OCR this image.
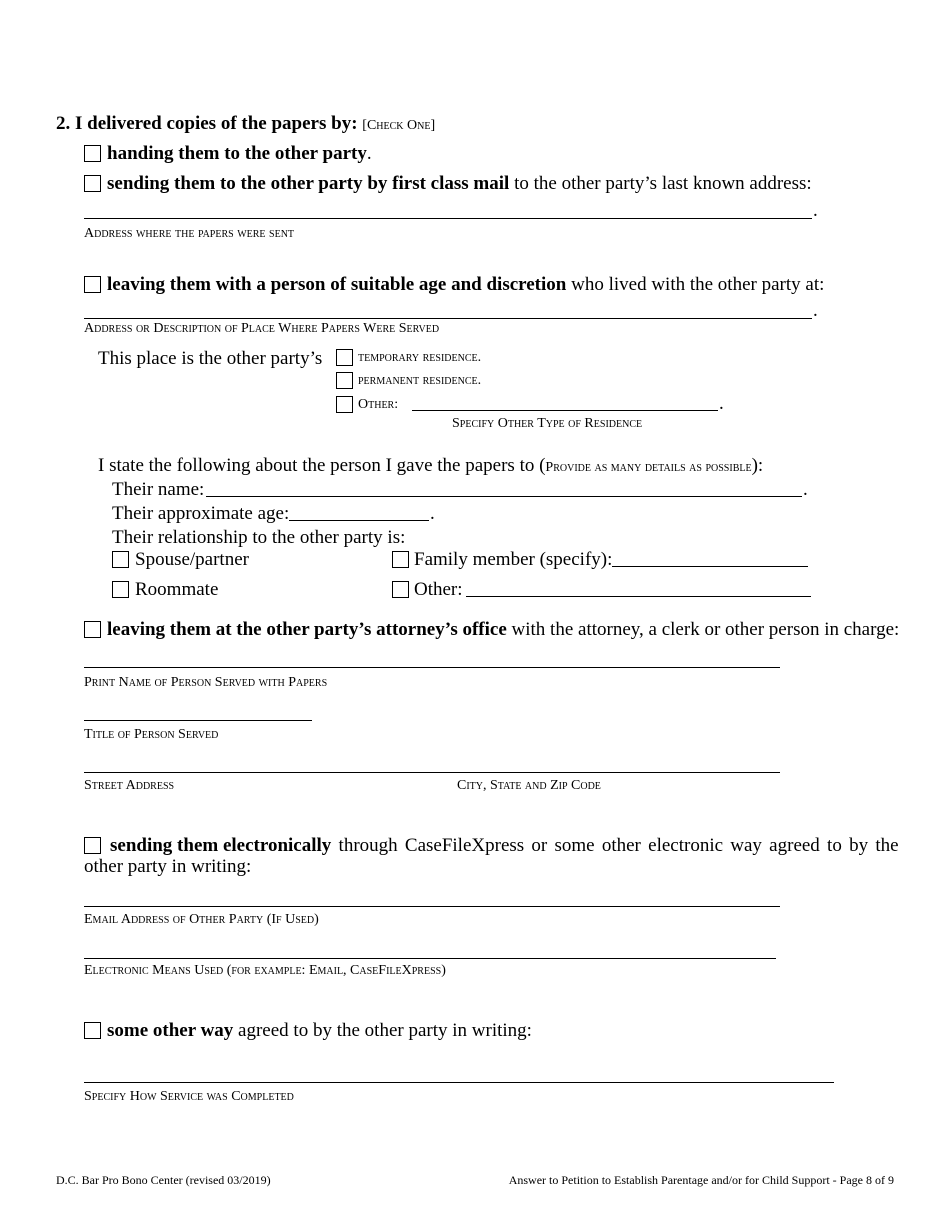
2. I delivered copies of the papers by: [Check One]
handing them to the other party.
sending them to the other party by first class mail to the other party’s last known address:
.
Address where the papers were sent
leaving them with a person of suitable age and discretion who lived with the other party at:
.
Address or Description of Place Where Papers Were Served
This place is the other party’s	temporary residence.
permanent residence.
Other:	.
Specify Other Type of Residence
I state the following about the person I gave the papers to (Provide as many details as possible):
Their name:	.
Their approximate age:	.
Their relationship to the other party is:
Spouse/partner	Family member (specify):
Roommate	Other:
leaving them at the other party’s attorney’s office with the attorney, a clerk or other person in charge:
Print Name of Person Served with Papers
Title of Person Served
Street Address	City, State and Zip Code
sending them electronically through CaseFileXpress or some other electronic way agreed to by the
other party in writing:
Email Address of Other Party (If Used)
Electronic Means Used (for example: Email, CaseFileXpress)
some other way agreed to by the other party in writing:
Specify How Service was Completed
D.C. Bar Pro Bono Center (revised 03/2019)	Answer to Petition to Establish Parentage and/or for Child Support - Page 8 of 9
